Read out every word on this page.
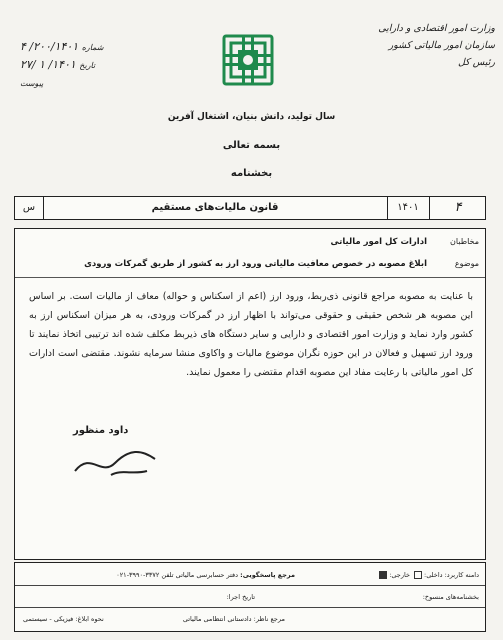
وزارت امور اقتصادی و دارایی
سازمان امور مالیاتی کشور
رئیس کل
شماره ۲۰۰/۱۴۰۱/ ۴
تاریخ ۱۴۰۱/ ۱ /۲۷
پیوست
سال تولید، دانش بنیان، اشتغال آفرین
بسمه تعالی
بخشنامه
س	قانون مالیات‌های مستقیم	۱۴۰۱	۴
مخاطبان
ادارات کل امور مالیاتی
موضوع
ابلاغ مصوبه در خصوص معافیت مالیاتی ورود ارز به کشور از طریق گمرکات ورودی
با عنایت به مصوبه مراجع قانونی ذی‌ربط، ورود ارز (اعم از اسکناس و حواله) معاف از مالیات است. بر اساس این مصوبه هر شخص حقیقی و حقوقی می‌تواند با اظهار ارز در گمرکات ورودی، به هر میزان اسکناس ارز به کشور وارد نماید و وزارت امور اقتصادی و دارایی و سایر دستگاه های ذیربط مکلف شده اند ترتیبی اتخاذ نمایند تا ورود ارز تسهیل و فعالان در این حوزه نگران موضوع مالیات و واکاوی منشا سرمایه نشوند. مقتضی است ادارات کل امور مالیاتی با رعایت مفاد این مصوبه اقدام مقتضی را معمول نمایند.
داود منظور
دامنه کاربرد: داخلی: خارجی:
مرجع پاسخگویی: دفتر حسابرسی مالیاتی تلفن ۳۳۷۲-۳۹۹۰-۰۲۱
بخشنامه‌های منسوخ:
تاریخ اجرا:
مرجع ناظر: دادستانی انتظامی مالیاتی
نحوه ابلاغ: فیزیکی - سیستمی
